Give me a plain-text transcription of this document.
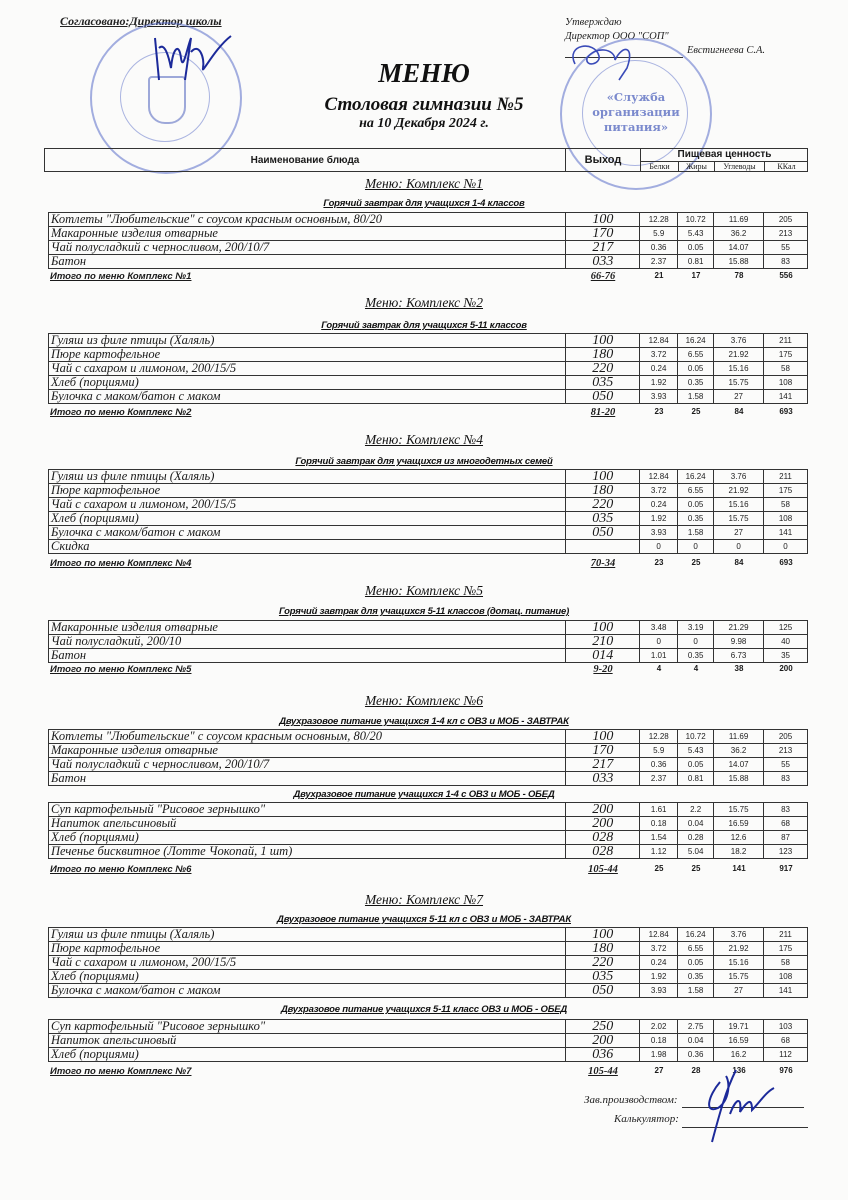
Согласовано:Директор школы	Утверждаю
Директор ООО "СОП"
Евстигнеева С.А.
«Служба организации питания»
МЕНЮ
Столовая гимназии №5
на 10 Декабря 2024 г.
Наименование блюда	Выход	Пищевая ценность
Белки	Жиры	Углеводы	ККал
Меню: Комплекс №1
Горячий завтрак для учащихся 1-4 классов
Котлеты "Любительские" с соусом красным основным, 80/20	100	12.28	10.72	11.69	205
Макаронные изделия отварные	170	5.9	5.43	36.2	213
Чай полусладкий с черносливом, 200/10/7	217	0.36	0.05	14.07	55
Батон	033	2.37	0.81	15.88	83
Итого по меню Комплекс №1	66-76	21	17	78	556
Меню: Комплекс №2
Горячий завтрак для учащихся 5-11 классов
Гуляш из филе птицы (Халяль)	100	12.84	16.24	3.76	211
Пюре картофельное	180	3.72	6.55	21.92	175
Чай с сахаром и лимоном, 200/15/5	220	0.24	0.05	15.16	58
Хлеб (порциями)	035	1.92	0.35	15.75	108
Булочка с маком/батон с маком	050	3.93	1.58	27	141
Итого по меню Комплекс №2	81-20	23	25	84	693
Меню: Комплекс №4
Горячий завтрак для учащихся из многодетных семей
Гуляш из филе птицы (Халяль)	100	12.84	16.24	3.76	211
Пюре картофельное	180	3.72	6.55	21.92	175
Чай с сахаром и лимоном, 200/15/5	220	0.24	0.05	15.16	58
Хлеб (порциями)	035	1.92	0.35	15.75	108
Булочка с маком/батон с маком	050	3.93	1.58	27	141
Скидка		0	0	0	0
Итого по меню Комплекс №4	70-34	23	25	84	693
Меню: Комплекс №5
Горячий завтрак для учащихся 5-11 классов (дотац. питание)
Макаронные изделия отварные	100	3.48	3.19	21.29	125
Чай полусладкий, 200/10	210	0	0	9.98	40
Батон	014	1.01	0.35	6.73	35
Итого по меню Комплекс №5	9-20	4	4	38	200
Меню: Комплекс №6
Двухразовое питание учащихся 1-4 кл с ОВЗ и МОБ - ЗАВТРАК
Котлеты "Любительские" с соусом красным основным, 80/20	100	12.28	10.72	11.69	205
Макаронные изделия отварные	170	5.9	5.43	36.2	213
Чай полусладкий с черносливом, 200/10/7	217	0.36	0.05	14.07	55
Батон	033	2.37	0.81	15.88	83
Двухразовое питание учащихся 1-4 с ОВЗ и МОБ - ОБЕД
Суп картофельный "Рисовое зернышко"	200	1.61	2.2	15.75	83
Напиток апельсиновый	200	0.18	0.04	16.59	68
Хлеб (порциями)	028	1.54	0.28	12.6	87
Печенье бисквитное (Лотте Чокопай, 1 шт)	028	1.12	5.04	18.2	123
Итого по меню Комплекс №6	105-44	25	25	141	917
Меню: Комплекс №7
Двухразовое питание учащихся 5-11 кл с ОВЗ и МОБ - ЗАВТРАК
Гуляш из филе птицы (Халяль)	100	12.84	16.24	3.76	211
Пюре картофельное	180	3.72	6.55	21.92	175
Чай с сахаром и лимоном, 200/15/5	220	0.24	0.05	15.16	58
Хлеб (порциями)	035	1.92	0.35	15.75	108
Булочка с маком/батон с маком	050	3.93	1.58	27	141
Двухразовое питание учащихся 5-11 класс ОВЗ и МОБ - ОБЕД
Суп картофельный "Рисовое зернышко"	250	2.02	2.75	19.71	103
Напиток апельсиновый	200	0.18	0.04	16.59	68
Хлеб (порциями)	036	1.98	0.36	16.2	112
Итого по меню Комплекс №7	105-44	27	28	136	976
Зав.производством:
Калькулятор:
